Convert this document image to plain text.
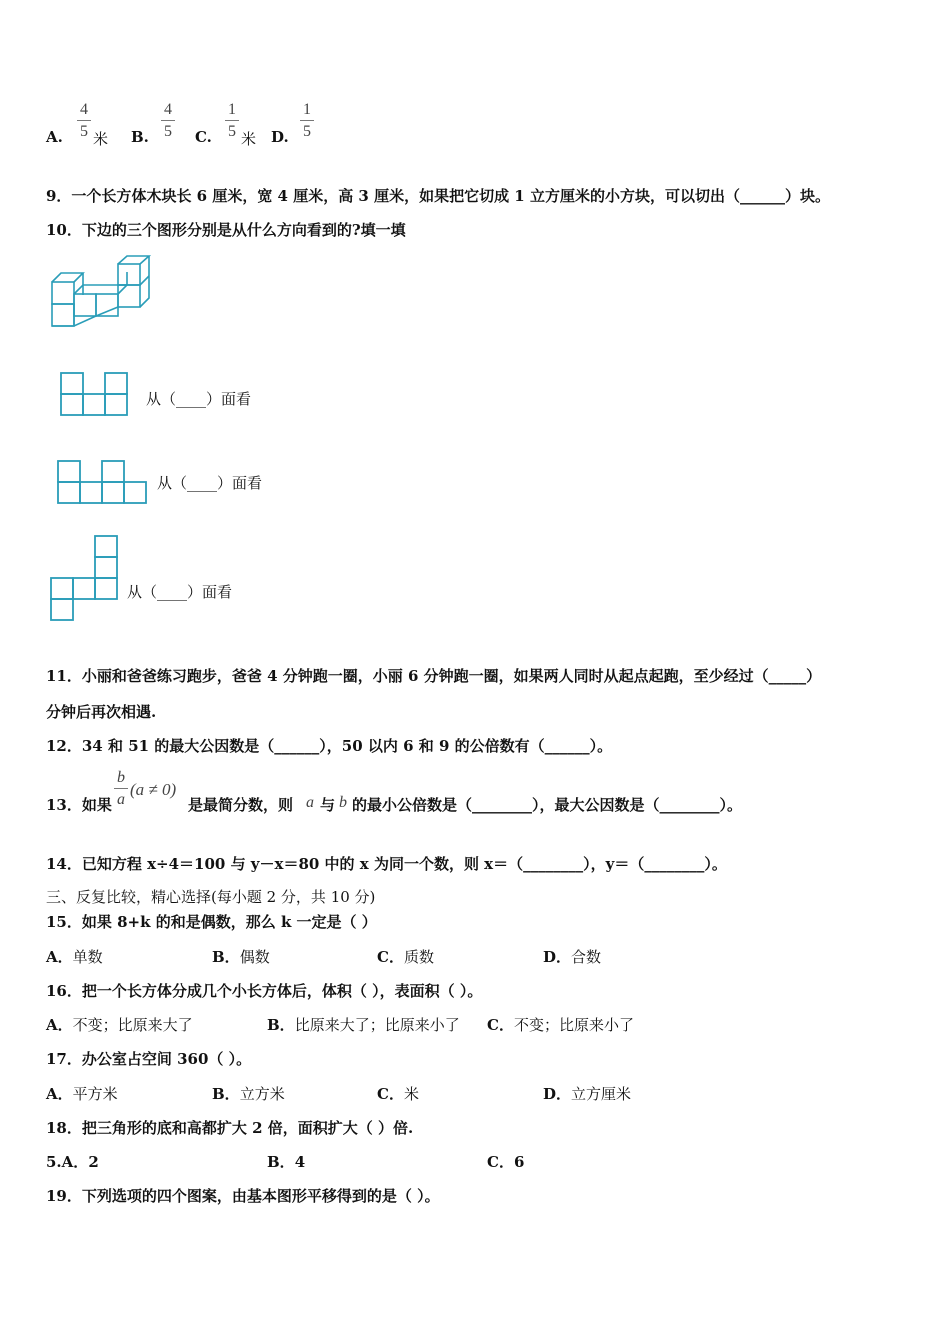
A.
4
5 米 B.
4
5 C.
1
5 米 D.
1
5
9．一个长方体木块长 6 厘米，宽 4 厘米，高 3 厘米，如果把它切成 1 立方厘米的小方块，可以切出（______）块。
10．下边的三个图形分别是从什么方向看到的?填一填
从（____）面看
从（____）面看
从（____）面看
11．小丽和爸爸练习跑步，爸爸 4 分钟跑一圈，小丽 6 分钟跑一圈，如果两人同时从起点起跑，至少经过（_____）
分钟后再次相遇.
12．34 和 51 的最大公因数是（______），50 以内 6 和 9 的公倍数有（______）。
13．如果
b
a
(a ≠ 0)
是最简分数，则 a 与 b 的最小公倍数是（________），最大公因数是（________）。
14．已知方程 x÷4＝100 与 y－x＝80 中的 x 为同一个数，则 x＝（________），y＝（________）。
三、反复比较，精心选择(每小题 2 分，共 10 分)
15．如果 8+k 的和是偶数，那么 k 一定是（ ）
A．单数	B．偶数	C．质数	D．合数
16．把一个长方体分成几个小长方体后，体积（ ），表面积（ ）。
A．不变；比原来大了	B．比原来大了；比原来小了 C．不变；比原来小了
17．办公室占空间 360（ ）。
A．平方米	B．立方米	C．米	D．立方厘米
18．把三角形的底和高都扩大 2 倍，面积扩大（ ）倍.
5.A．2	B．4	C．6
19．下列选项的四个图案，由基本图形平移得到的是（ ）。
